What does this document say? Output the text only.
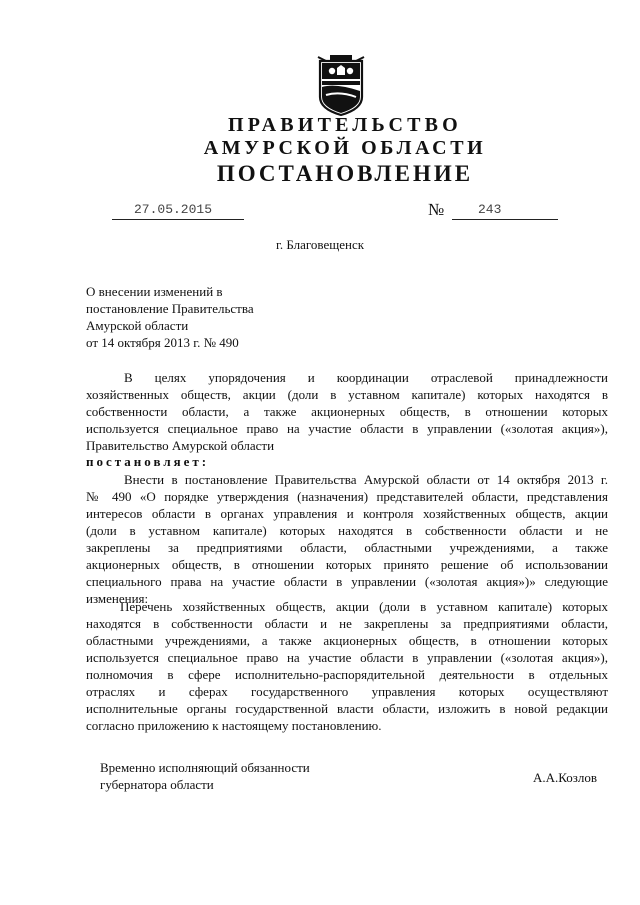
ПРАВИТЕЛЬСТВО
АМУРСКОЙ ОБЛАСТИ
ПОСТАНОВЛЕНИЕ
27.05.2015	№	243
г. Благовещенск
О внесении изменений в
постановление Правительства
Амурской области
от 14 октября 2013 г. № 490
В целях упорядочения и координации отраслевой принадлежности
хозяйственных обществ, акции (доли в уставном капитале) которых находятся в
собственности области, а также акционерных обществ, в отношении которых
используется специальное право на участие области в управлении («золотая акция»),
Правительство Амурской области
постановляет:
Внести в постановление Правительства Амурской области от 14 октября 2013 г.
№ 490 «О порядке утверждения (назначения) представителей области, представления
интересов области в органах управления и контроля хозяйственных обществ, акции
(доли в уставном капитале) которых находятся в собственности области и не
закреплены за предприятиями области, областными учреждениями, а также
акционерных обществ, в отношении которых принято решение об использовании
специального права на участие области в управлении («золотая акция»)» следующие
изменения:
Перечень хозяйственных обществ, акции (доли в уставном капитале) которых
находятся в собственности области и не закреплены за предприятиями области,
областными учреждениями, а также акционерных обществ, в отношении которых
используется специальное право на участие области в управлении («золотая акция»),
полномочия в сфере исполнительно-распорядительной деятельности в отдельных
отраслях и сферах государственного управления которых осуществляют
исполнительные органы государственной власти области, изложить в новой редакции
согласно приложению к настоящему постановлению.
Временно исполняющий обязанности
губернатора области	А.А.Козлов
